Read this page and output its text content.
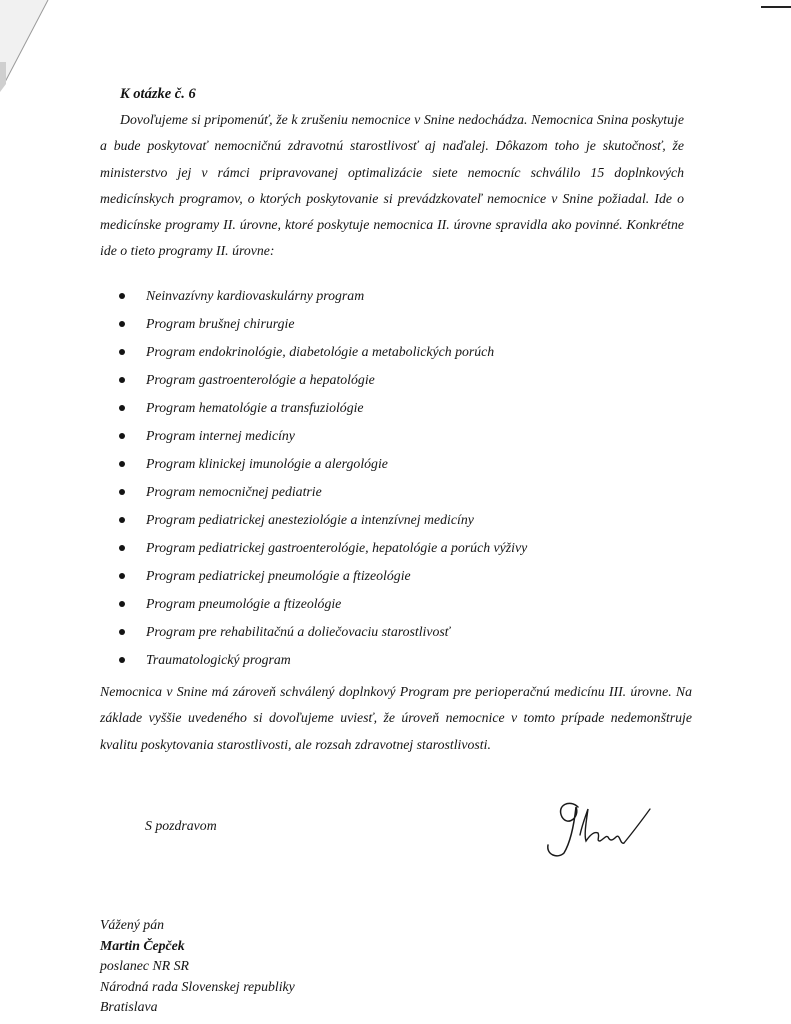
K otázke č. 6

Dovoľujeme si pripomenúť, že k zrušeniu nemocnice v Snine nedochádza. Nemocnica Snina poskytuje a bude poskytovať nemocničnú zdravotnú starostlivosť aj naďalej. Dôkazom toho je skutočnosť, že ministerstvo jej v rámci pripravovanej optimalizácie siete nemocníc schválilo 15 doplnkových medicínskych programov, o ktorých poskytovanie si prevádzkovateľ nemocnice v Snine požiadal. Ide o medicínske programy II. úrovne, ktoré poskytuje nemocnica II. úrovne spravidla ako povinné. Konkrétne ide o tieto programy II. úrovne:

Neinvazívny kardiovaskulárny program
Program brušnej chirurgie
Program endokrinológie, diabetológie a metabolických porúch
Program gastroenterológie a hepatológie
Program hematológie a transfuziológie
Program internej medicíny
Program klinickej imunológie a alergológie
Program nemocničnej pediatrie
Program pediatrickej anesteziológie a intenzívnej medicíny
Program pediatrickej gastroenterológie, hepatológie a porúch výživy
Program pediatrickej pneumológie a ftizeológie
Program pneumológie a ftizeológie
Program pre rehabilitačnú a doliečovaciu starostlivosť
Traumatologický program

Nemocnica v Snine má zároveň schválený doplnkový Program pre perioperačnú medicínu III. úrovne. Na základe vyššie uvedeného si dovoľujeme uviesť, že úroveň nemocnice v tomto prípade nedemonštruje kvalitu poskytovania starostlivosti, ale rozsah zdravotnej starostlivosti.

S pozdravom

Vážený pán
Martin Čepček
poslanec NR SR
Národná rada Slovenskej republiky
Bratislava
